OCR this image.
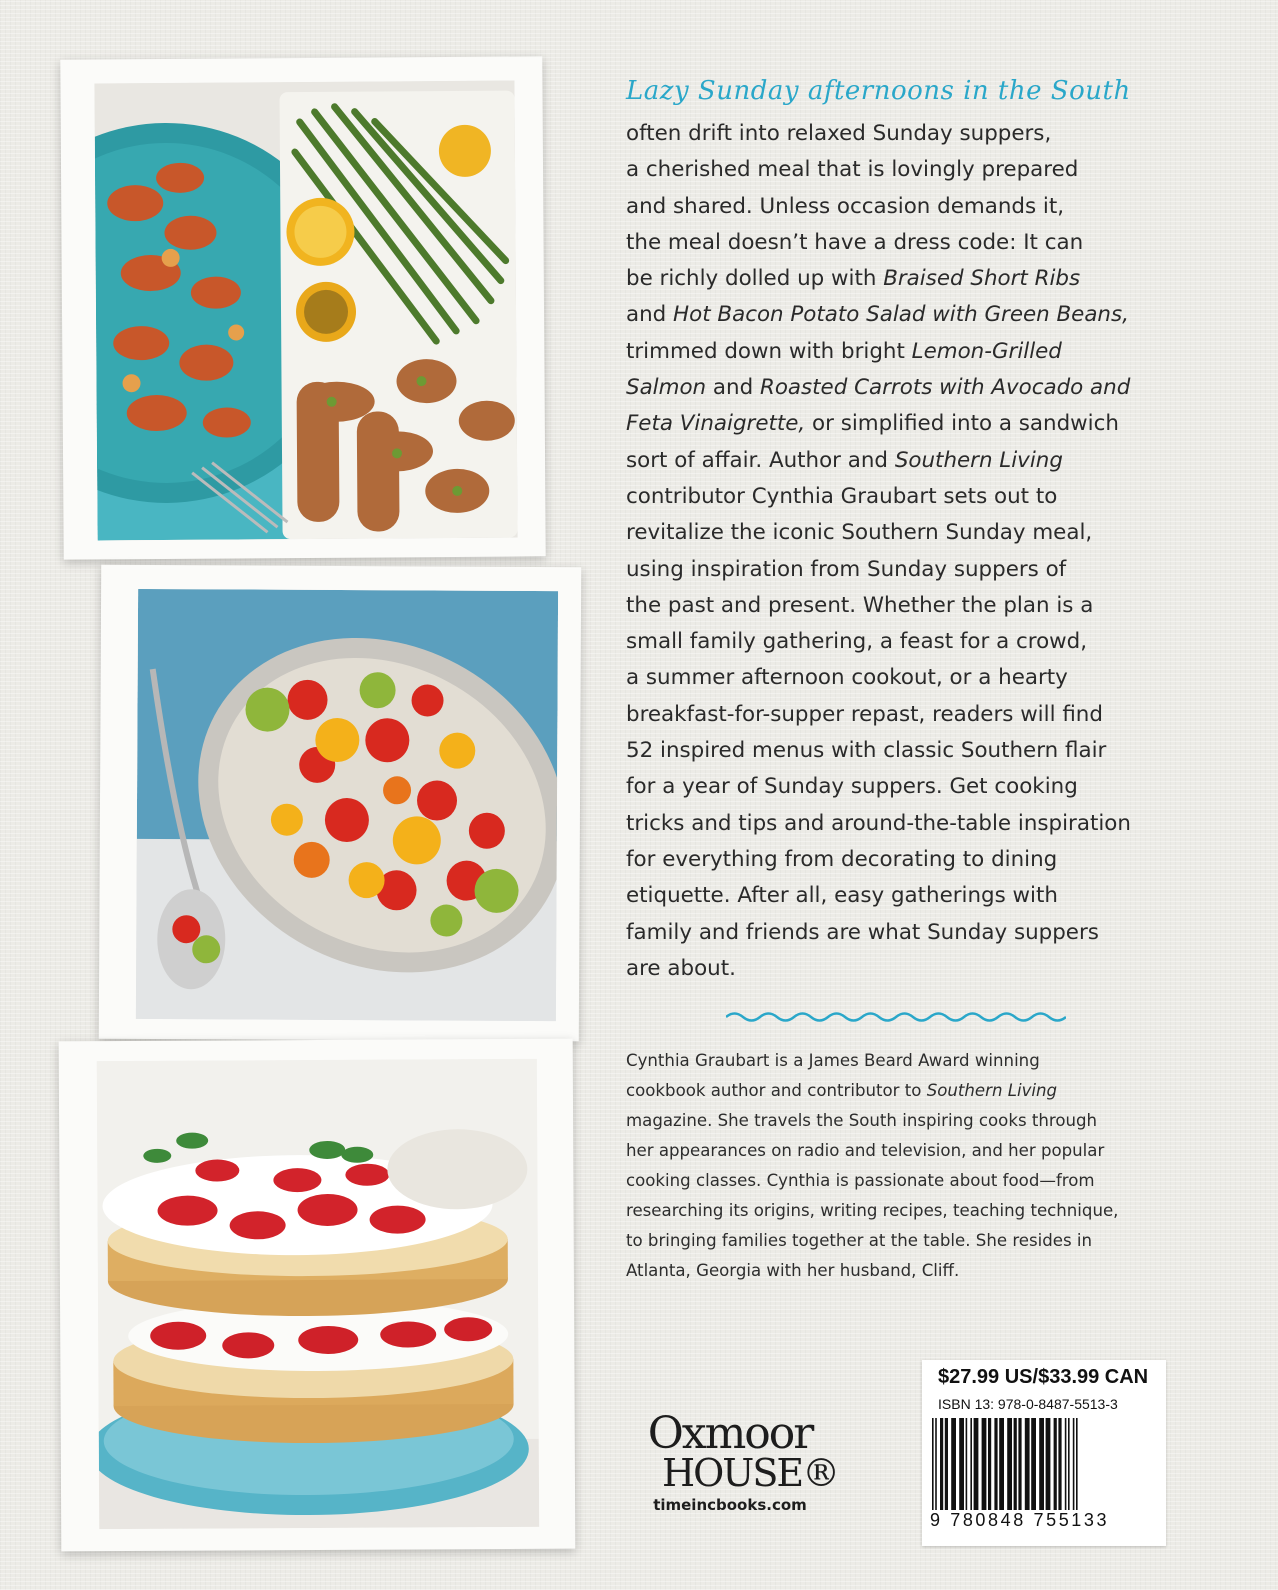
Lazy Sunday afternoons in the South
often drift into relaxed Sunday suppers,
a cherished meal that is lovingly prepared
and shared. Unless occasion demands it,
the meal doesn’t have a dress code: It can
be richly dolled up with Braised Short Ribs
and Hot Bacon Potato Salad with Green Beans,
trimmed down with bright Lemon-Grilled
Salmon and Roasted Carrots with Avocado and
Feta Vinaigrette, or simplified into a sandwich
sort of affair. Author and Southern Living
contributor Cynthia Graubart sets out to
revitalize the iconic Southern Sunday meal,
using inspiration from Sunday suppers of
the past and present. Whether the plan is a
small family gathering, a feast for a crowd,
a summer afternoon cookout, or a hearty
breakfast-for-supper repast, readers will find
52 inspired menus with classic Southern flair
for a year of Sunday suppers. Get cooking
tricks and tips and around-the-table inspiration
for everything from decorating to dining
etiquette. After all, easy gatherings with
family and friends are what Sunday suppers
are about.
Cynthia Graubart is a James Beard Award winning
cookbook author and contributor to Southern Living
magazine. She travels the South inspiring cooks through
her appearances on radio and television, and her popular
cooking classes. Cynthia is passionate about food—from
researching its origins, writing recipes, teaching technique,
to bringing families together at the table. She resides in
Atlanta, Georgia with her husband, Cliff.
Oxmoor
HOUSE®
timeincbooks.com
$27.99 US/$33.99 CAN
ISBN 13: 978-0-8487-5513-3
9 780848 755133
